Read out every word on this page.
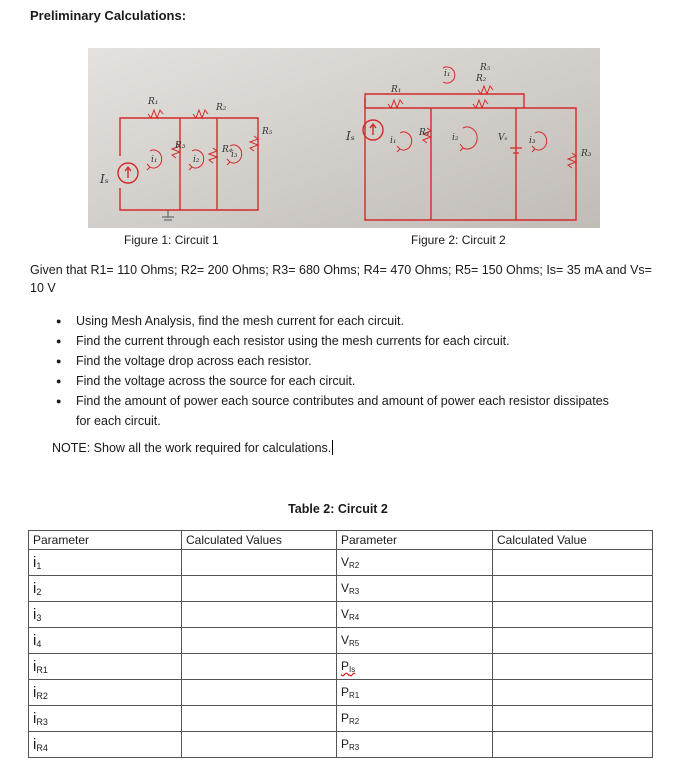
Preliminary Calculations:
R₁
R₂
R₃	R₄
R₅
i₁	i₂	i₃
Iₛ
R₁
R₅
R₂
R₄
R₃
i₁	i₂	i₃
i₁
Vₛ
Iₛ
Figure 1: Circuit 1	Figure 2: Circuit 2
Given that R1= 110 Ohms; R2= 200 Ohms; R3= 680 Ohms; R4= 470 Ohms; R5= 150 Ohms; Is= 35 mA and Vs= 10 V
● Using Mesh Analysis, find the mesh current for each circuit.
● Find the current through each resistor using the mesh currents for each circuit.
● Find the voltage drop across each resistor.
● Find the voltage across the source for each circuit.
● Find the amount of power each source contributes and amount of power each resistor dissipates for each circuit.
NOTE: Show all the work required for calculations.
Table 2: Circuit 2
Parameter	Calculated Values	Parameter	Calculated Value
$i_1$		$V_{R2}$	
$i_2$		$V_{R3}$	
$i_3$		$V_{R4}$	
$i_4$		$V_{R5}$	
$i_{R1}$		$P_{Is}$	
$i_{R2}$		$P_{R1}$	
$i_{R3}$		$P_{R2}$	
$i_{R4}$		$P_{R3}$	
